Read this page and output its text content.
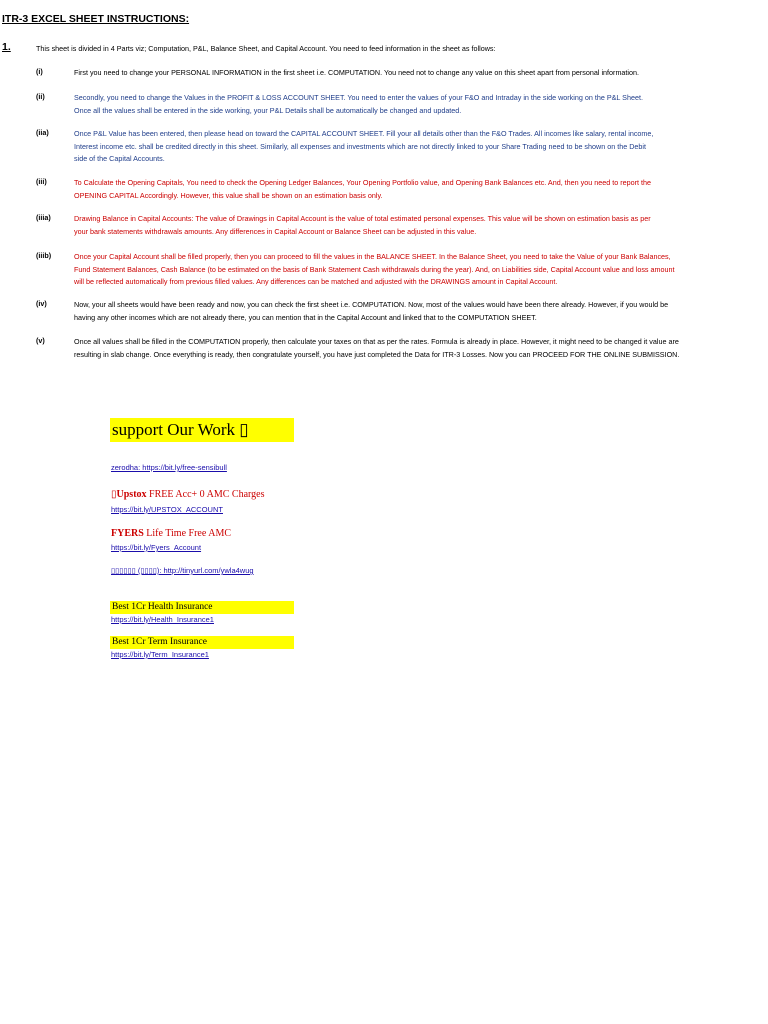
ITR-3 EXCEL SHEET INSTRUCTIONS:
1.	This sheet is divided in 4 Parts viz; Computation, P&L, Balance Sheet, and Capital Account. You need to feed information in the sheet as follows:
(i)	First you need to change your PERSONAL INFORMATION in the first sheet i.e. COMPUTATION. You need not to change any value on this sheet apart from personal information.
(ii)	Secondly, you need to change the Values in the PROFIT & LOSS ACCOUNT SHEET. You need to enter the values of your F&O and Intraday in the side working on the P&L Sheet.
Once all the values shall be entered in the side working, your P&L Details shall be automatically be changed and updated.
(iia)	Once P&L Value has been entered, then please head on toward the CAPITAL ACCOUNT SHEET. Fill your all details other than the F&O Trades. All incomes like salary, rental income,
Interest income etc. shall be credited directly in this sheet. Similarly, all expenses and investments which are not directly linked to your Share Trading need to be shown on the Debit
side of the Capital Accounts.
(iii)	To Calculate the Opening Capitals, You need to check the Opening Ledger Balances, Your Opening Portfolio value, and Opening Bank Balances etc. And, then you need to report the
OPENING CAPITAL Accordingly. However, this value shall be shown on an estimation basis only.
(iiia)	Drawing Balance in Capital Accounts: The value of Drawings in Capital Account is the value of total estimated personal expenses. This value will be shown on estimation basis as per
your bank statements withdrawals amounts. Any differences in Capital Account or Balance Sheet can be adjusted in this value.
(iiib)	Once your Capital Account shall be filled properly, then you can proceed to fill the values in the BALANCE SHEET. In the Balance Sheet, you need to take the Value of your Bank Balances,
Fund Statement Balances, Cash Balance (to be estimated on the basis of Bank Statement Cash withdrawals during the year). And, on Liabilities side, Capital Account value and loss amount
will be reflected automatically from previous filled values. Any differences can be matched and adjusted with the DRAWINGS amount in Capital Account.
(iv)	Now, your all sheets would have been ready and now, you can check the first sheet i.e. COMPUTATION. Now, most of the values would have been there already. However, if you would be
having any other incomes which are not already there, you can mention that in the Capital Account and linked that to the COMPUTATION SHEET.
(v)	Once all values shall be filled in the COMPUTATION properly, then calculate your taxes on that as per the rates. Formula is already in place. However, it might need to be changed it value are
resulting in slab change. Once everything is ready, then congratulate yourself, you have just completed the Data for ITR-3 Losses. Now you can PROCEED FOR THE ONLINE SUBMISSION.
support Our Work ▯
zerodha: https://bit.ly/free-sensibull
▯Upstox FREE Acc+ 0 AMC Charges
https://bit.ly/UPSTOX_ACCOUNT
FYERS Life Time Free AMC
https://bit.ly/Fyers_Account
▯▯▯▯▯▯ (▯▯▯▯): http://tinyurl.com/ywla4wug
Best 1Cr Health Insurance
https://bit.ly/Health_Insurance1
Best 1Cr Term Insurance
https://bit.ly/Term_Insurance1
